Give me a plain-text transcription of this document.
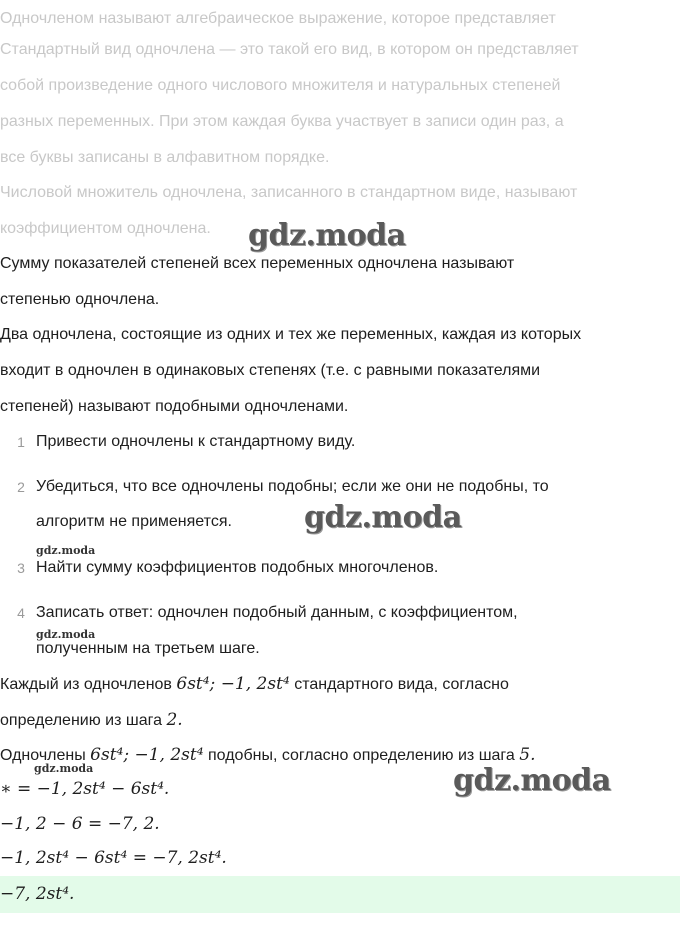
Одночленом называют алгебраическое выражение, которое представляет
Стандартный вид одночлена — это такой его вид, в котором он представляет
собой произведение одного числового множителя и натуральных степеней
разных переменных. При этом каждая буква участвует в записи один раз, а
все буквы записаны в алфавитном порядке.
Числовой множитель одночлена, записанного в стандартном виде, называют
коэффициентом одночлена.
Сумму показателей степеней всех переменных одночлена называют
степенью одночлена.
Два одночлена, состоящие из одних и тех же переменных, каждая из которых
входит в одночлен в одинаковых степенях (т.е. с равными показателями
степеней) называют подобными одночленами.
1 Привести одночлены к стандартному виду.
2 Убедиться, что все одночлены подобны; если же они не подобны, то
алгоритм не применяется.
3 Найти сумму коэффициентов подобных многочленов.
4 Записать ответ: одночлен подобный данным, с коэффициентом,
полученным на третьем шаге.
Каждый из одночленов 6st⁴; −1, 2st⁴ стандартного вида, согласно
определению из шага 2.
Одночлены 6st⁴; −1, 2st⁴ подобны, согласно определению из шага 5.
∗ = −1, 2st⁴ − 6st⁴.
−1, 2 − 6 = −7, 2.
−1, 2st⁴ − 6st⁴ = −7, 2st⁴.
−7, 2st⁴.
gdz.moda
gdz.moda
gdz.moda
gdz.moda
gdz.moda
gdz.moda
